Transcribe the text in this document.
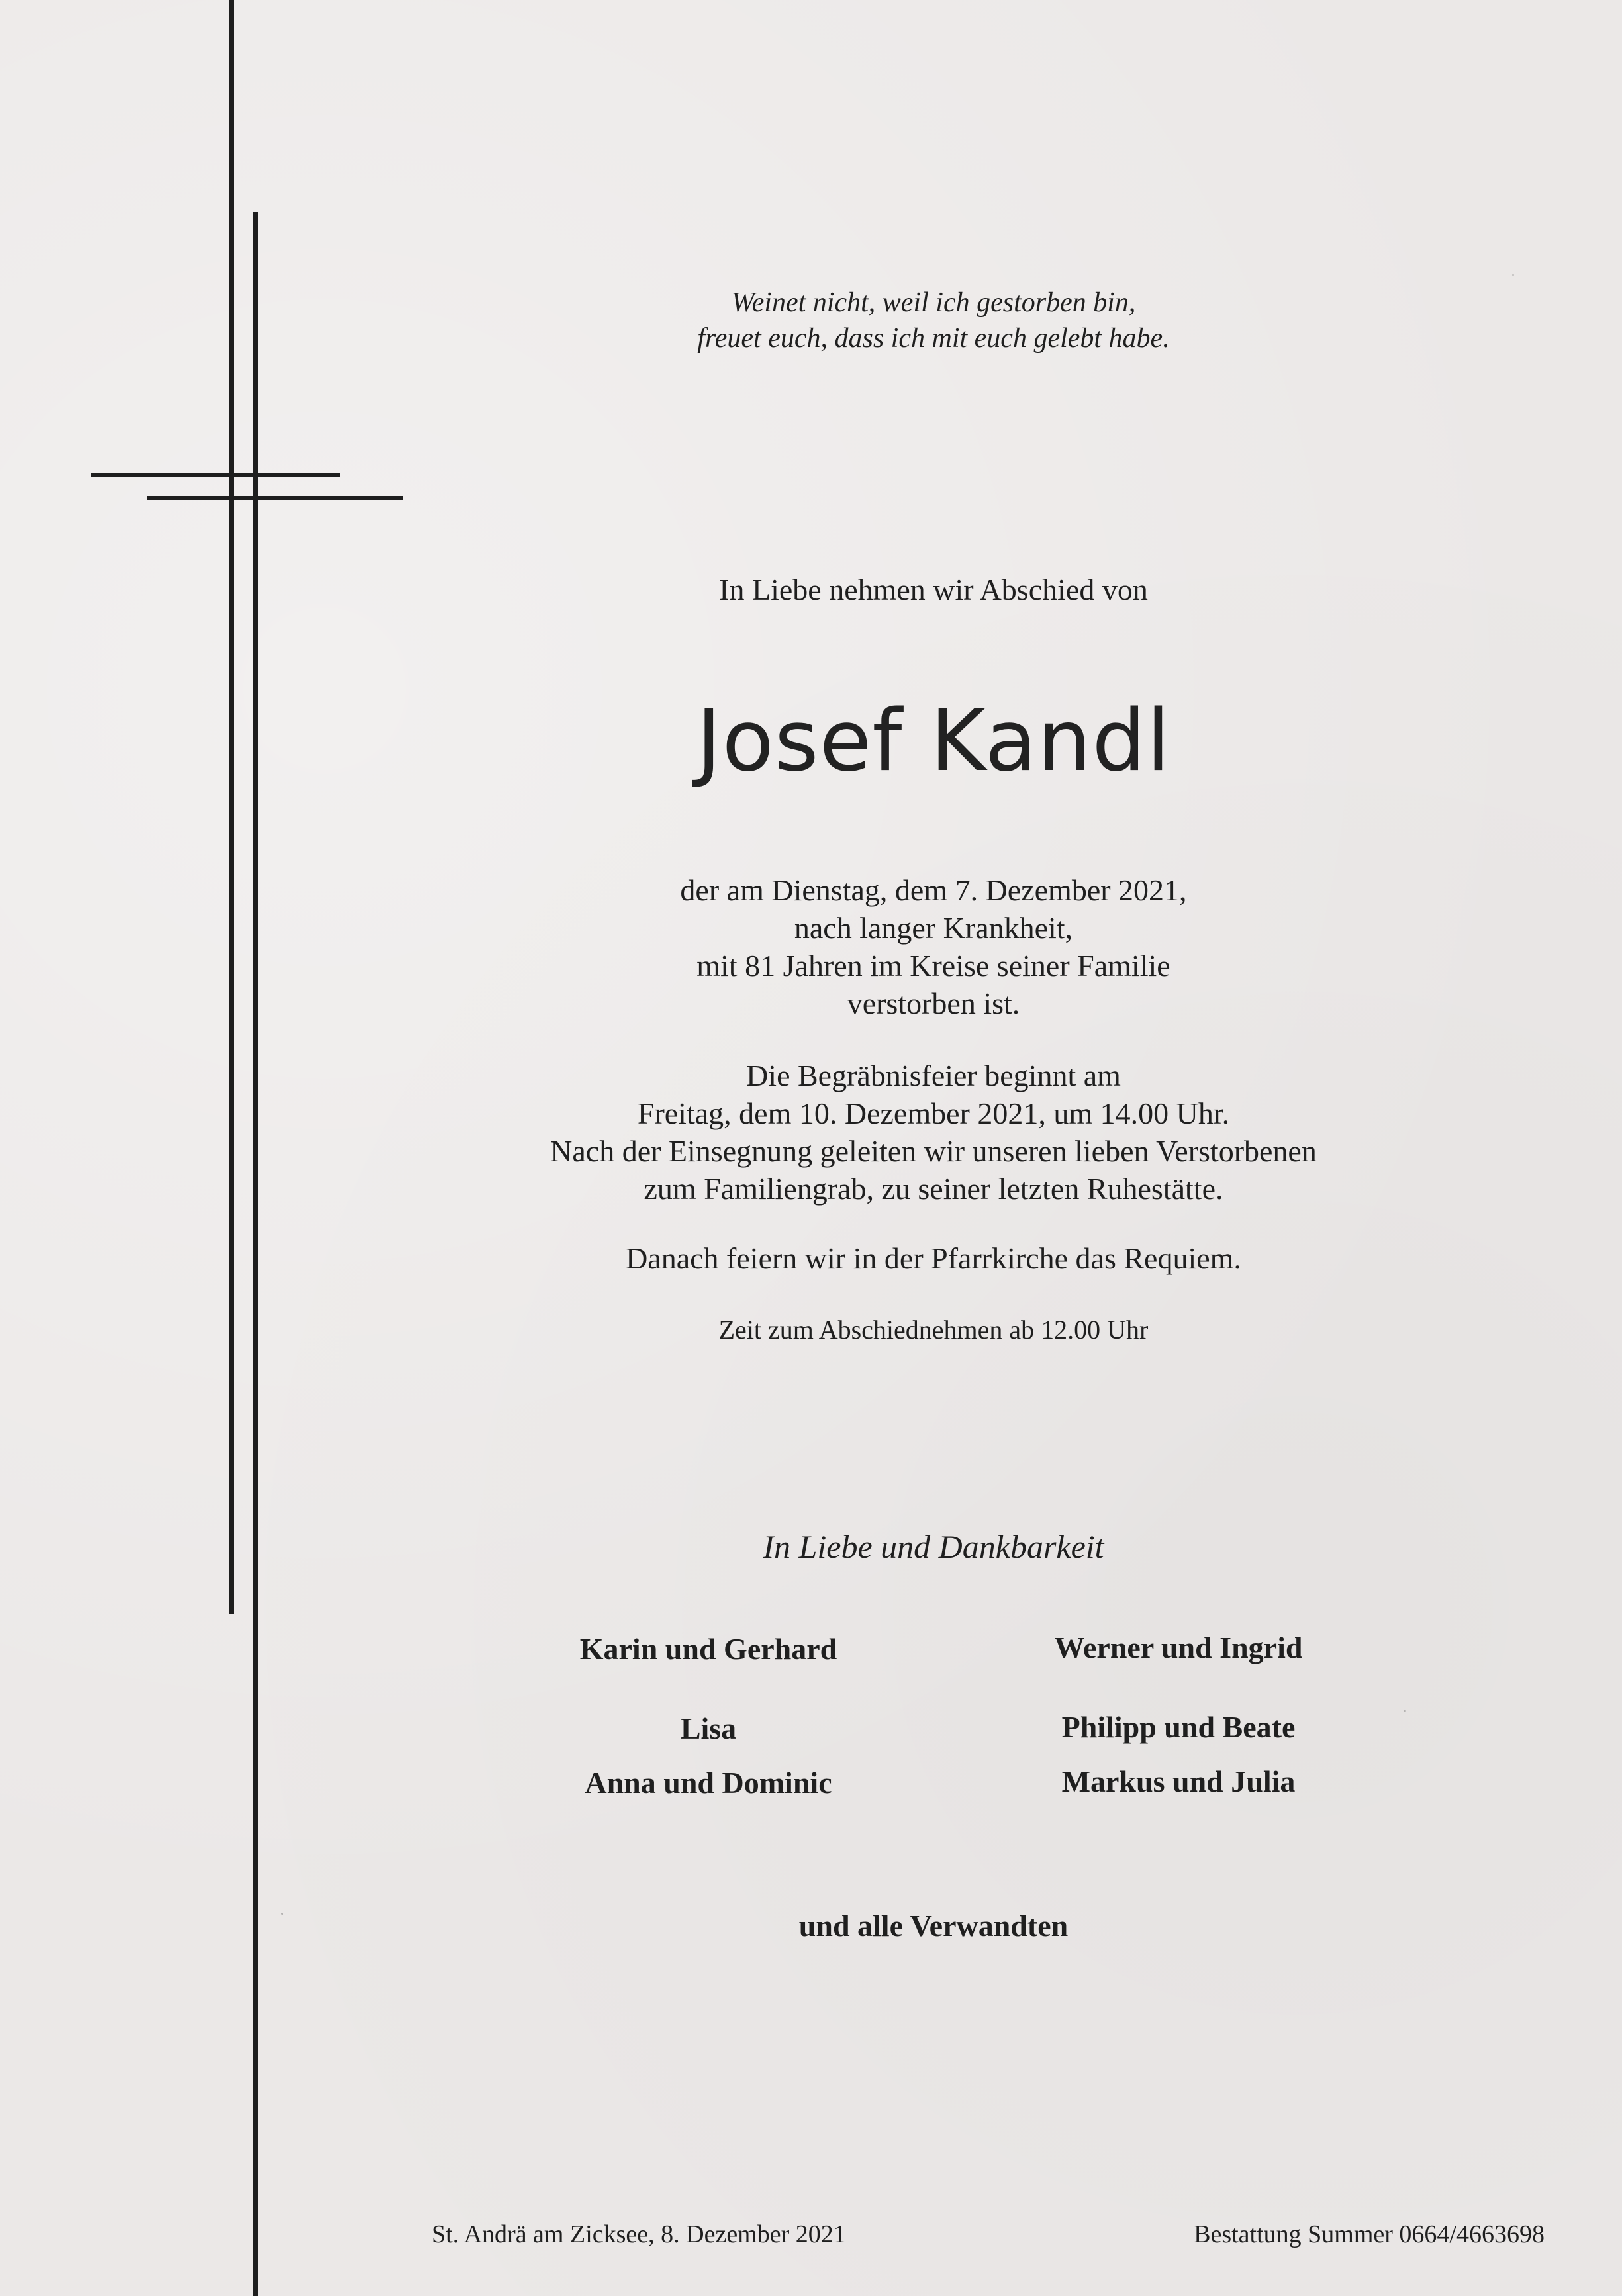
Weinet nicht, weil ich gestorben bin,
freuet euch, dass ich mit euch gelebt habe.
In Liebe nehmen wir Abschied von
Josef Kandl
der am Dienstag, dem 7. Dezember 2021,
nach langer Krankheit,
mit 81 Jahren im Kreise seiner Familie
verstorben ist.
Die Begräbnisfeier beginnt am
Freitag, dem 10. Dezember 2021, um 14.00 Uhr.
Nach der Einsegnung geleiten wir unseren lieben Verstorbenen
zum Familiengrab, zu seiner letzten Ruhestätte.
Danach feiern wir in der Pfarrkirche das Requiem.
Zeit zum Abschiednehmen ab 12.00 Uhr
In Liebe und Dankbarkeit
Karin und Gerhard
Lisa
Anna und Dominic
Werner und Ingrid
Philipp und Beate
Markus und Julia
und alle Verwandten
St. Andrä am Zicksee, 8. Dezember 2021	Bestattung Summer 0664/4663698
